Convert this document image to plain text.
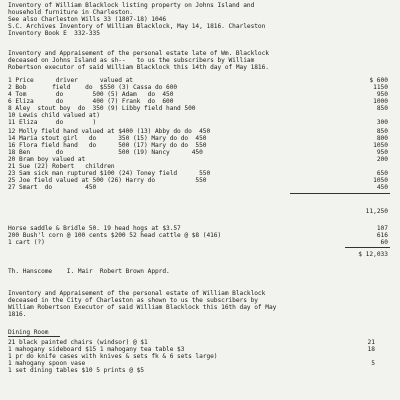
Inventory of William Blacklock listing property on Johns Island and
household furniture in Charleston.
See also Charleston Wills 33 (1807-18) 1046
S.C. Archives Inventory of William Blacklock, May 14, 1816. Charleston
Inventory Book E  332-335
Inventory and Appraisement of the personal estate late of Wm. Blacklock
deceased on Johns Island as sh--   to us the subscribers by William
Robertson executor of said William Blacklock this 14th day of May 1816.
1 Price      driver      valued at	$ 600
2 Bob       field    do  $550 (3) Cassa do 600	1150
4 Tom        do        500 (5) Adam   do  450	950
6 Eliza      do        400 (7) Frank  do  600	1000
8 Aley  stout boy  do  350 (9) Libby field hand 500	850
10 Lewis child valued at)
11 Eliza     do        )	300
12 Molly field hand valued at $400 (13) Abby do do  450	850
14 Maria stout girl   do      350 (15) Mary do do  450	800
16 Flora field hand   do      500 (17) Mary do do  550	1050
18 Ben       do               500 (19) Nancy      450	950
20 Bram boy valued at	200
21 Sue (22) Robert   children
23 Sam sick man ruptured $100 (24) Toney field      550	650
25 Joe field valued at 500 (26) Harry do           550	1050
27 Smart  do         450	450
11,250
Horse saddle & Bridle 50. 19 head hogs at $3.57	107
200 Bush'l corn @ 100 cents $200 52 head cattle @ $8 (416)	616
1 cart (?)	60
$ 12,033
Th. Hanscome    I. Mair  Robert Brown Apprd.
Inventory and Appraisement of the personal estate of William Blacklock
deceased in the City of Charleston as shown to us the subscribers by
William Robertson Executor of said William Blacklock this 16th day of May
1816.
Dining Room
21 black painted chairs (windsor) @ $1	21
1 mahogany sideboard $15 1 mahogany tea table $3	18
1 pr do knife cases with knives & sets fk & 6 sets large)
1 mahogany spoon vase	5
1 set dining tables $10 5 prints @ $5
